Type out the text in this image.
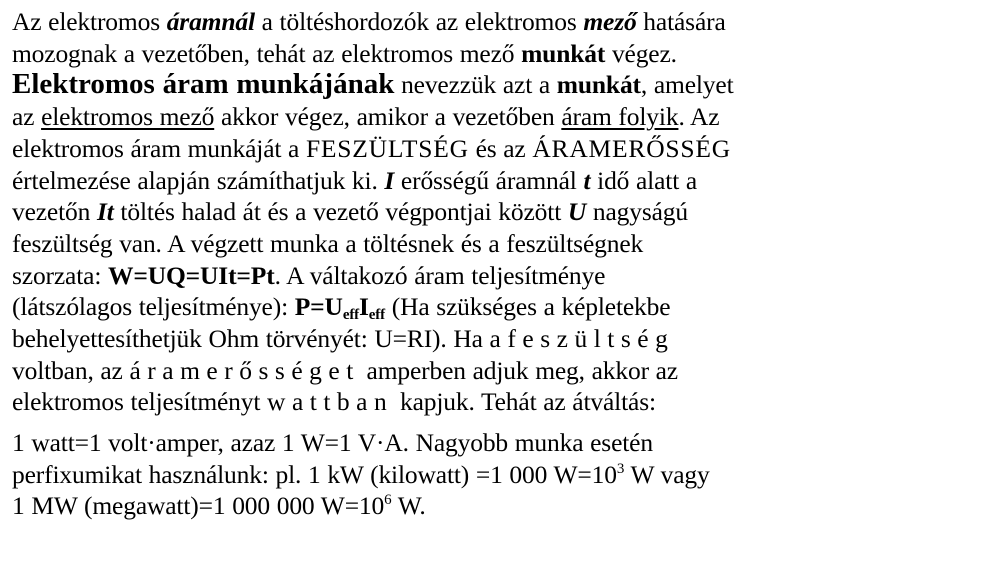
Az elektromos áramnál a töltéshordozók az elektromos mező hatására
mozognak a vezetőben, tehát az elektromos mező munkát végez.
Elektromos áram munkájának nevezzük azt a munkát, amelyet
az elektromos mező akkor végez, amikor a vezetőben áram folyik. Az
elektromos áram munkáját a FESZÜLTSÉG és az ÁRAMERŐSSÉG
értelmezése alapján számíthatjuk ki. I erősségű áramnál t idő alatt a
vezetőn It töltés halad át és a vezető végpontjai között U nagyságú
feszültség van. A végzett munka a töltésnek és a feszültségnek
szorzata: W=UQ=UIt=Pt. A váltakozó áram teljesítménye
(látszólagos teljesítménye): $P=U_{eff}I_{eff}$ (Ha szükséges a képletekbe
behelyettesíthetjük Ohm törvényét: U=RI). Ha a feszültség
voltban, az áramerősséget amperben adjuk meg, akkor az
elektromos teljesítményt wattban kapjuk. Tehát az átváltás:

1 watt=1 volt·amper, azaz 1 W=1 V·A. Nagyobb munka esetén
perfixumikat használunk: pl. 1 kW (kilowatt) =1 000 $W=10^3$ W vagy
1 MW (megawatt)=1 000 000 $W=10^6$ W.
